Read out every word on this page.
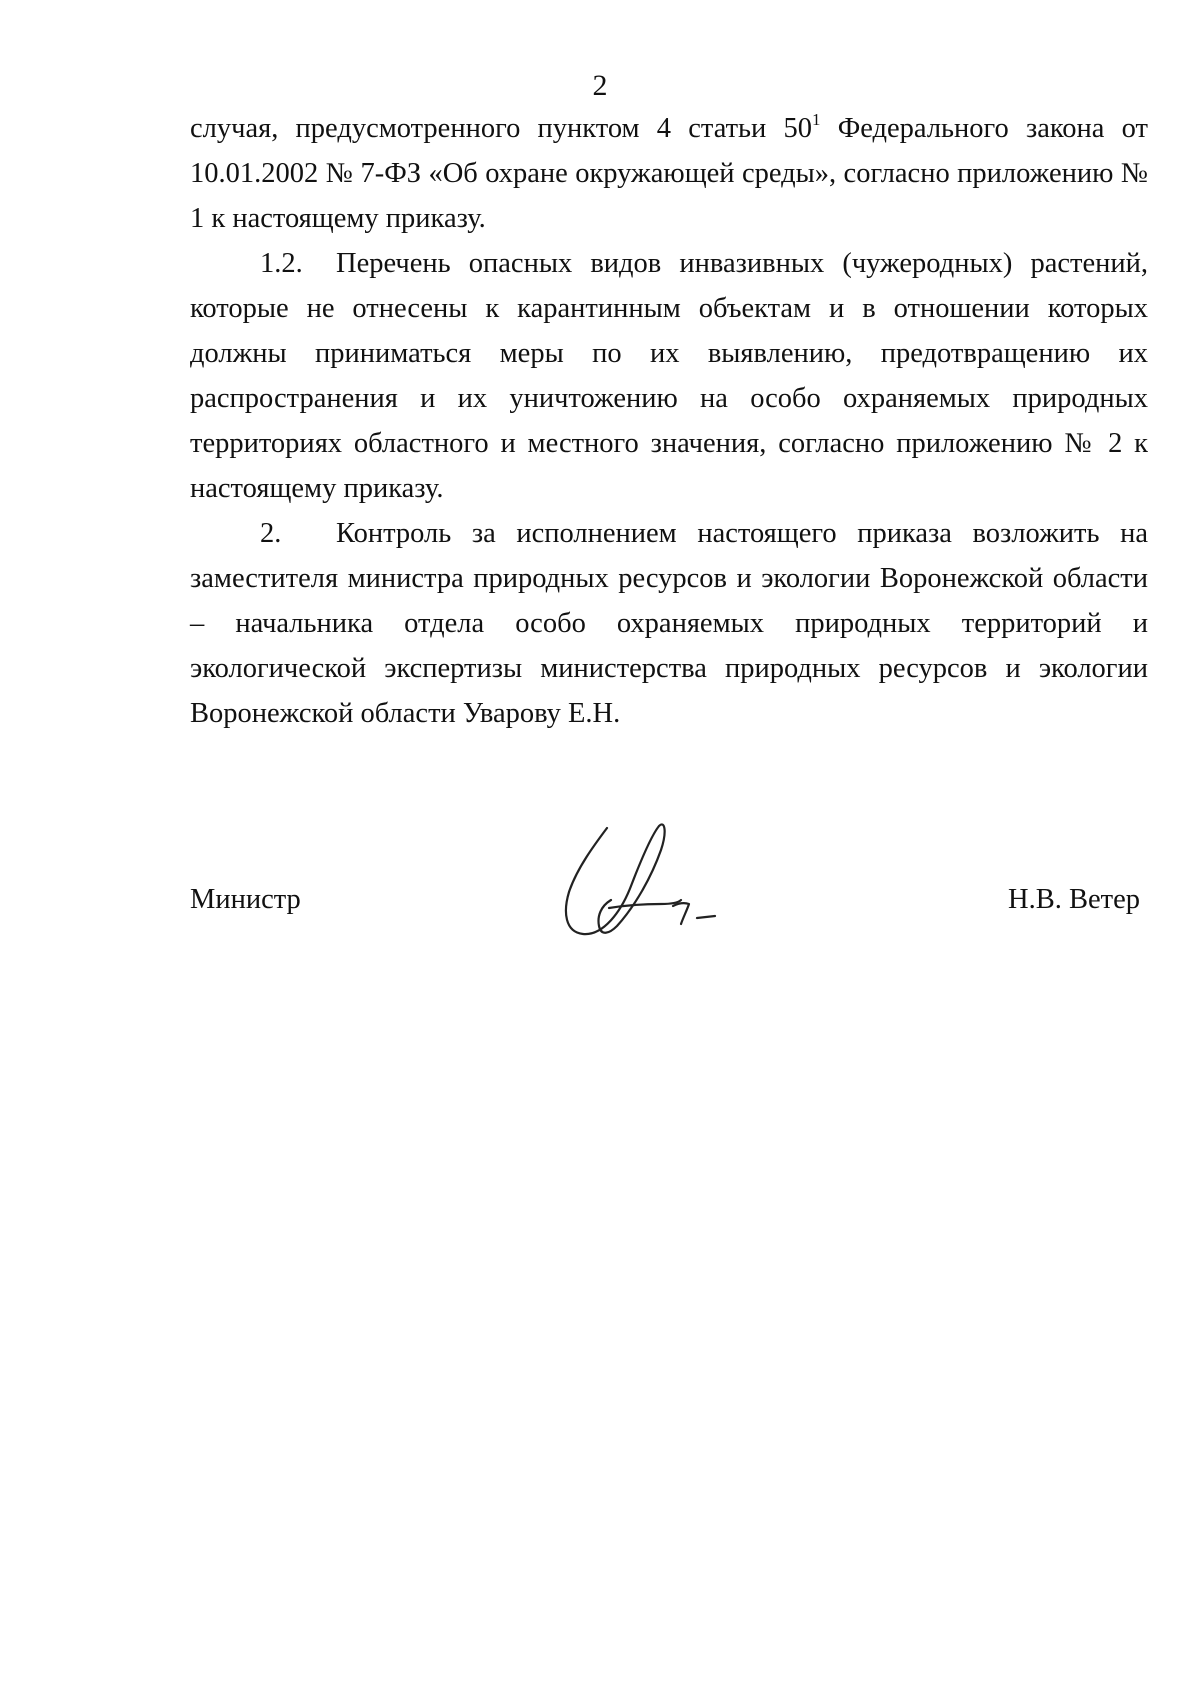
2

случая, предусмотренного пунктом 4 статьи $50^1$ Федерального закона от 10.01.2002 № 7-ФЗ «Об охране окружающей среды», согласно приложению № 1 к настоящему приказу.

1.2. Перечень опасных видов инвазивных (чужеродных) растений, которые не отнесены к карантинным объектам и в отношении которых должны приниматься меры по их выявлению, предотвращению их распространения и их уничтожению на особо охраняемых природных территориях областного и местного значения, согласно приложению № 2 к настоящему приказу.

2. Контроль за исполнением настоящего приказа возложить на заместителя министра природных ресурсов и экологии Воронежской области – начальника отдела особо охраняемых природных территорий и экологической экспертизы министерства природных ресурсов и экологии Воронежской области Уварову Е.Н.

Министр	Н.В. Ветер
